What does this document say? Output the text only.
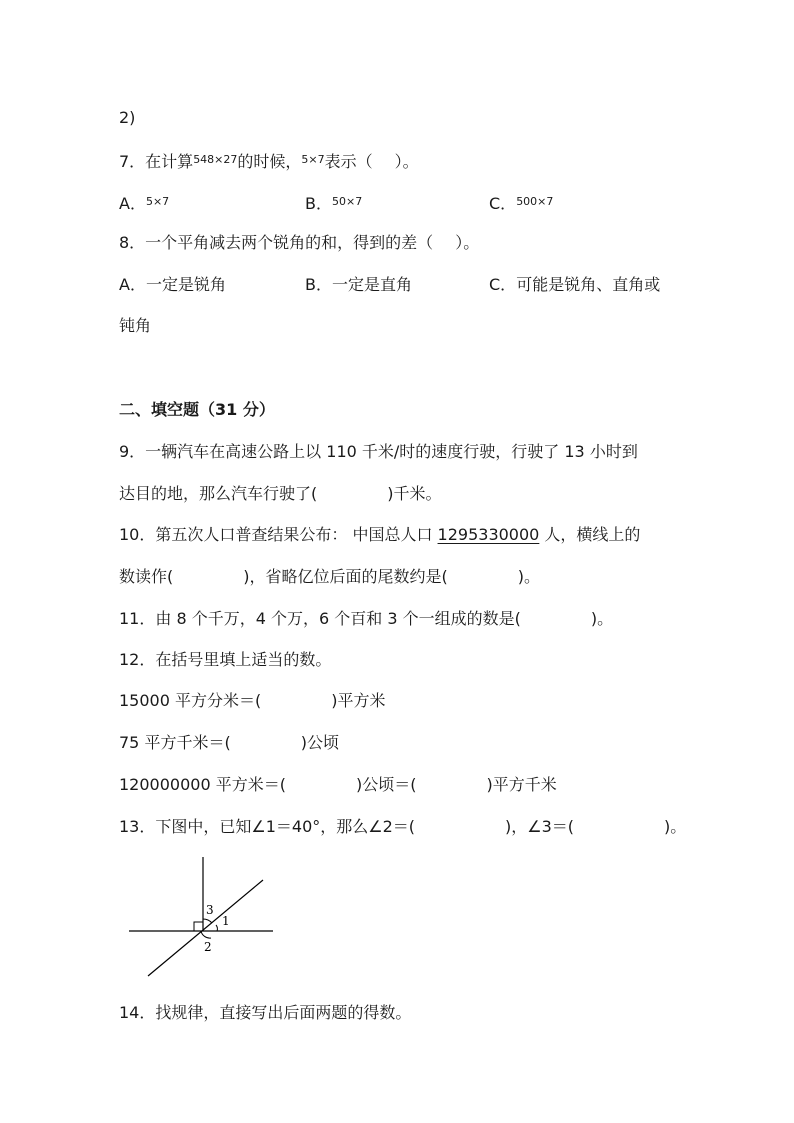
2)
7．在计算$^{548\times 27}$的时候，$^{5\times 7}$表示（ ）。
A．$^{5\times 7}$	B．$^{50\times 7}$	C．$^{500\times 7}$
8．一个平角减去两个锐角的和，得到的差（ ）。
A．一定是锐角	B．一定是直角	C．可能是锐角、直角或
钝角
二、填空题（31 分）
9．一辆汽车在高速公路上以 110 千米/时的速度行驶，行驶了 13 小时到
达目的地，那么汽车行驶了(	)千米。
10．第五次人口普查结果公布： 中国总人口 1295330000 人，横线上的
数读作(	)，省略亿位后面的尾数约是(	)。
11．由 8 个千万，4 个万，6 个百和 3 个一组成的数是(	)。
12．在括号里填上适当的数。
15000 平方分米＝(	)平方米
75 平方千米＝(	)公顷
120000000 平方米＝(	)公顷＝(	)平方千米
13．下图中，已知∠1＝40°，那么∠2＝(	)，∠3＝(	)。
1
2
3
14．找规律，直接写出后面两题的得数。
